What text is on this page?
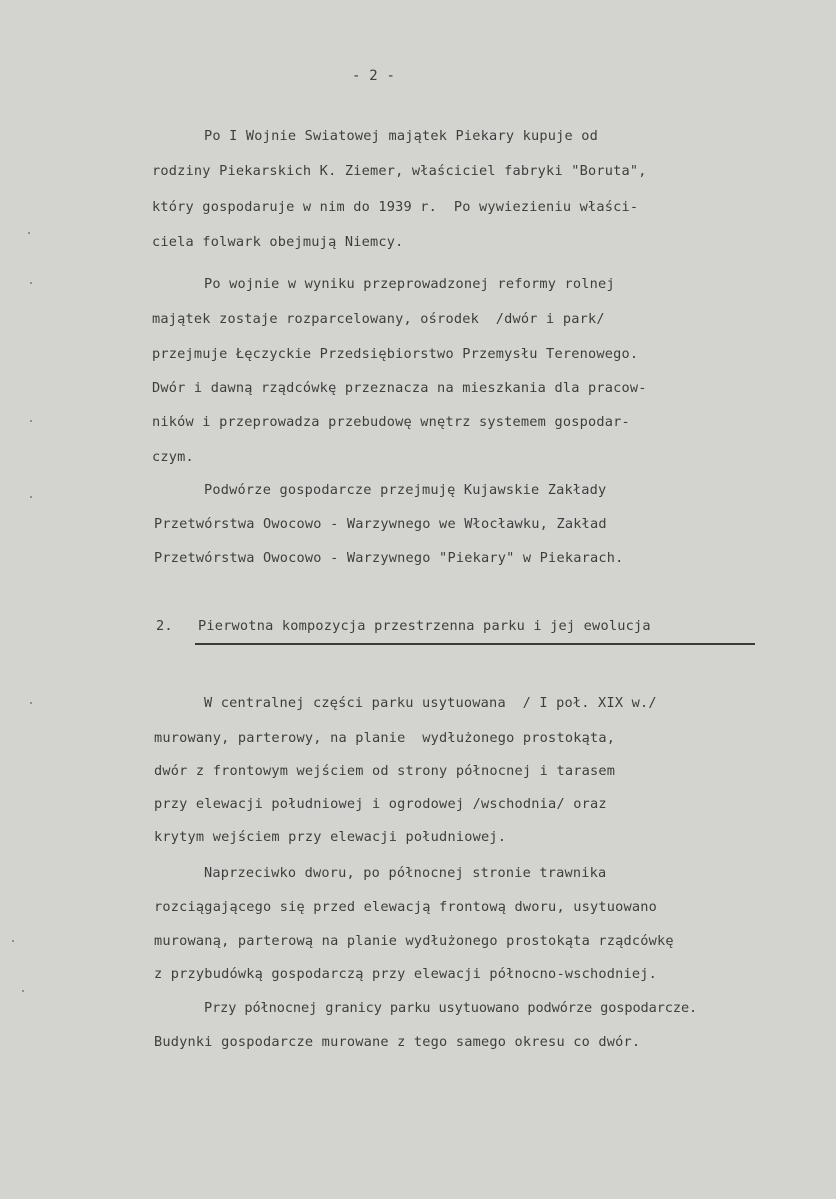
- 2 -
Po I Wojnie Swiatowej majątek Piekary kupuje od
rodziny Piekarskich K. Ziemer, właściciel fabryki "Boruta",
który gospodaruje w nim do 1939 r.  Po wywiezieniu właści-
ciela folwark obejmują Niemcy.
Po wojnie w wyniku przeprowadzonej reformy rolnej
majątek zostaje rozparcelowany, ośrodek  /dwór i park/
przejmuje Łęczyckie Przedsiębiorstwo Przemysłu Terenowego.
Dwór i dawną rządcówkę przeznacza na mieszkania dla pracow-
ników i przeprowadza przebudowę wnętrz systemem gospodar-
czym.
Podwórze gospodarcze przejmuję Kujawskie Zakłady
Przetwórstwa Owocowo - Warzywnego we Włocławku, Zakład
Przetwórstwa Owocowo - Warzywnego "Piekary" w Piekarach.
2. Pierwotna kompozycja przestrzenna parku i jej ewolucja
W centralnej części parku usytuowana  / I poł. XIX w./
murowany, parterowy, na planie  wydłużonego prostokąta,
dwór z frontowym wejściem od strony północnej i tarasem
przy elewacji południowej i ogrodowej /wschodnia/ oraz
krytym wejściem przy elewacji południowej.
Naprzeciwko dworu, po północnej stronie trawnika
rozciągającego się przed elewacją frontową dworu, usytuowano
murowaną, parterową na planie wydłużonego prostokąta rządcówkę
z przybudówką gospodarczą przy elewacji północno-wschodniej.
Przy północnej granicy parku usytuowano podwórze gospodarcze.
Budynki gospodarcze murowane z tego samego okresu co dwór.
